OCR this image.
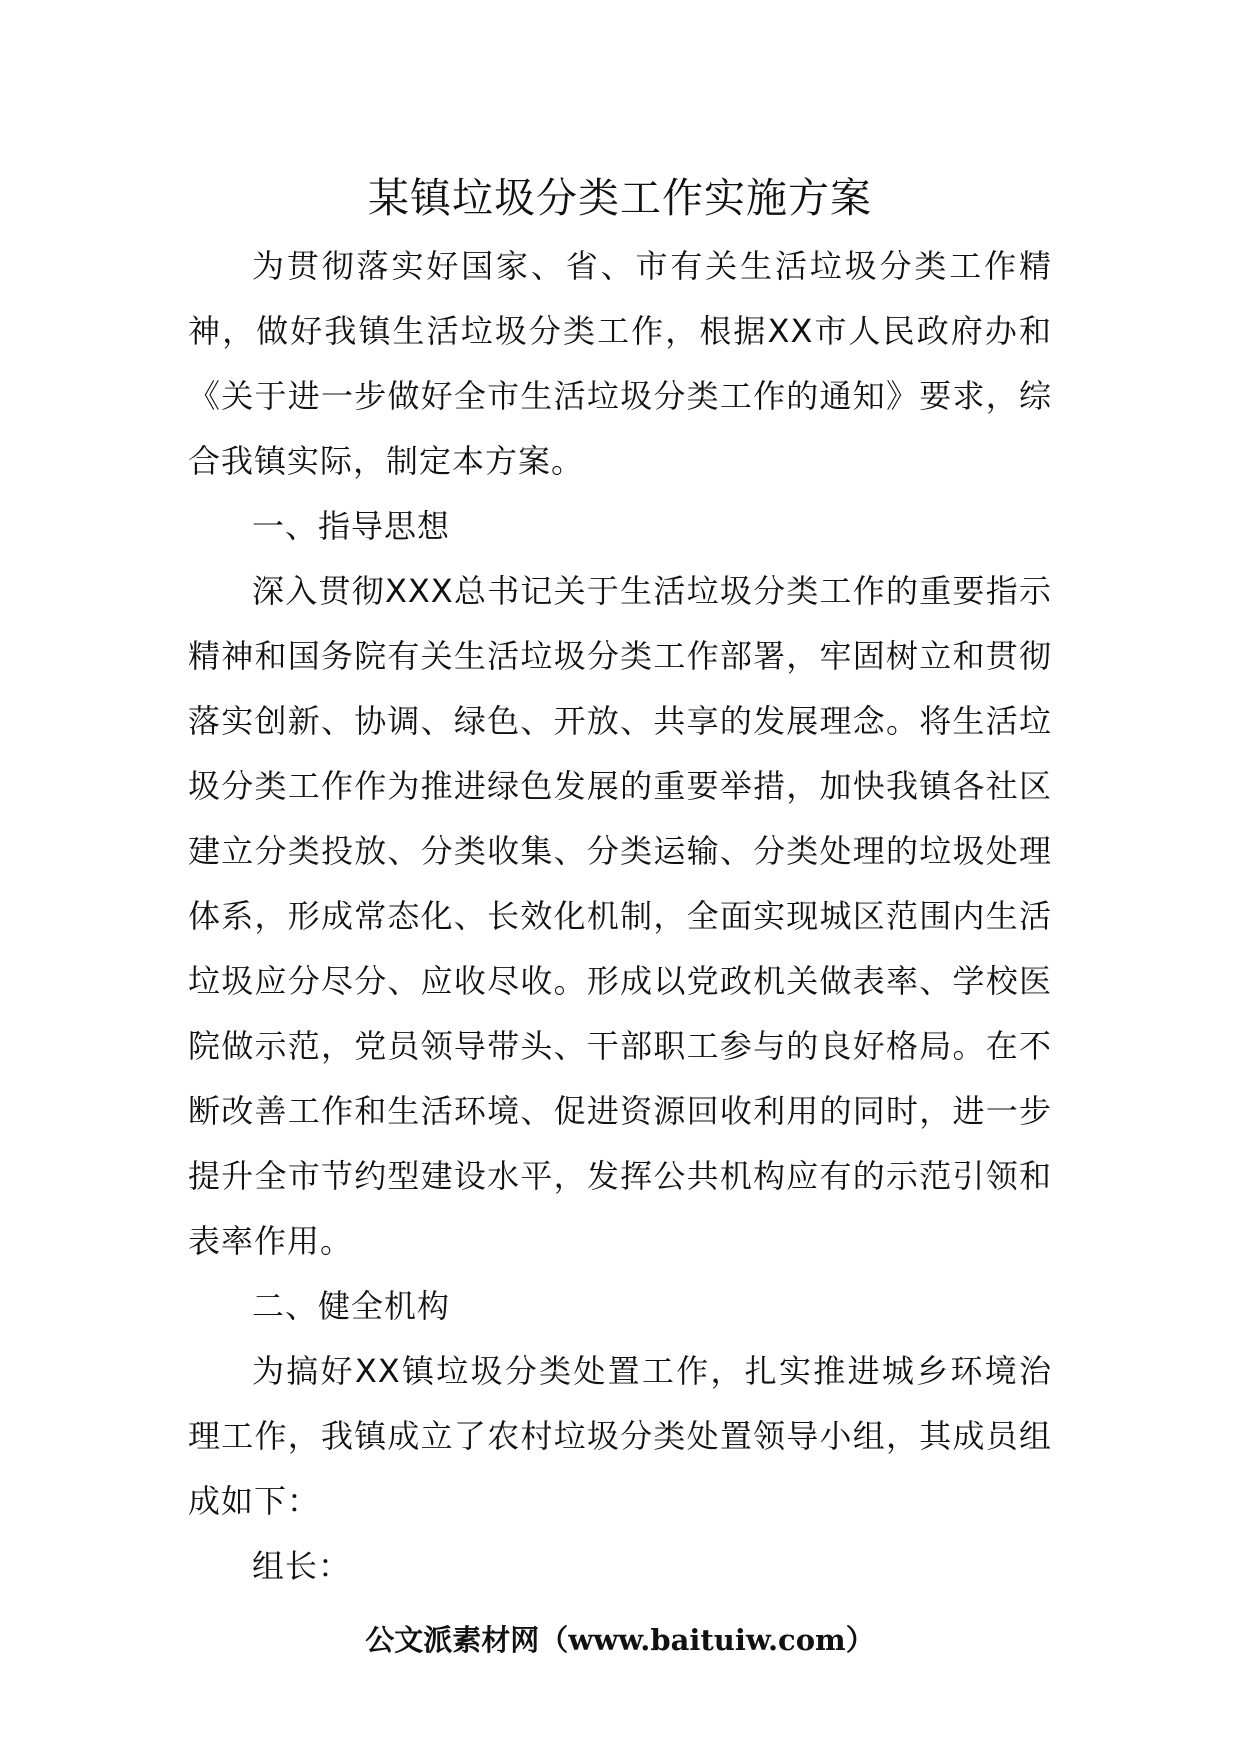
某镇垃圾分类工作实施方案

为贯彻落实好国家、省、市有关生活垃圾分类工作精神，做好我镇生活垃圾分类工作，根据XX市人民政府办和《关于进一步做好全市生活垃圾分类工作的通知》要求，综合我镇实际，制定本方案。

一、指导思想

深入贯彻XXX总书记关于生活垃圾分类工作的重要指示精神和国务院有关生活垃圾分类工作部署，牢固树立和贯彻落实创新、协调、绿色、开放、共享的发展理念。将生活垃圾分类工作作为推进绿色发展的重要举措，加快我镇各社区建立分类投放、分类收集、分类运输、分类处理的垃圾处理体系，形成常态化、长效化机制，全面实现城区范围内生活垃圾应分尽分、应收尽收。形成以党政机关做表率、学校医院做示范，党员领导带头、干部职工参与的良好格局。在不断改善工作和生活环境、促进资源回收利用的同时，进一步提升全市节约型建设水平，发挥公共机构应有的示范引领和表率作用。

二、健全机构

为搞好XX镇垃圾分类处置工作，扎实推进城乡环境治理工作，我镇成立了农村垃圾分类处置领导小组，其成员组成如下：

组长：

公文派素材网（www.baituiw.com）
